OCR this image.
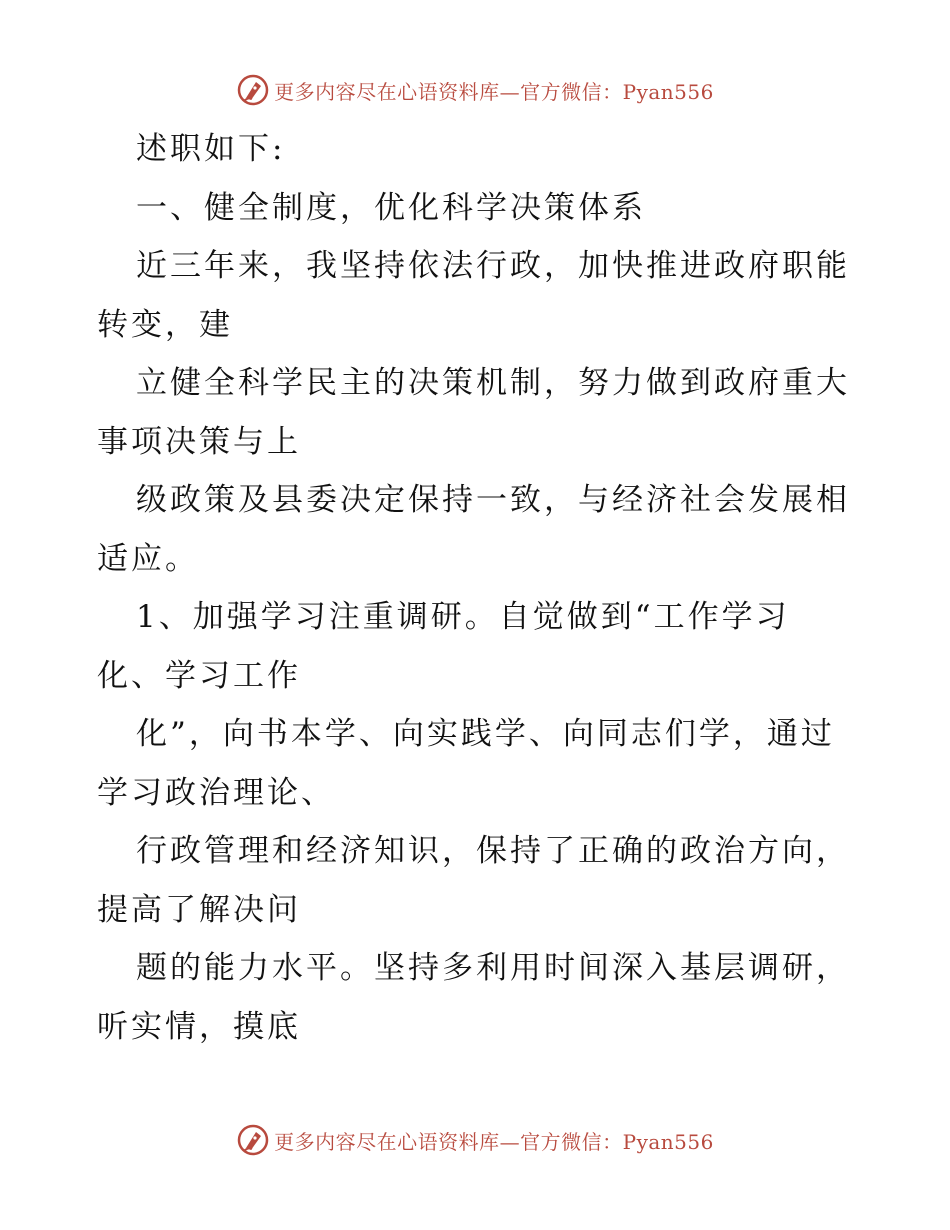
更多内容尽在心语资料库—官方微信：Pyan556
述职如下:
一、健全制度，优化科学决策体系
近三年来，我坚持依法行政，加快推进政府职能
转变，建
立健全科学民主的决策机制，努力做到政府重大
事项决策与上
级政策及县委决定保持一致，与经济社会发展相
适应。
1、加强学习注重调研。自觉做到“工作学习
化、学习工作
化”，向书本学、向实践学、向同志们学，通过
学习政治理论、
行政管理和经济知识，保持了正确的政治方向，
提高了解决问
题的能力水平。坚持多利用时间深入基层调研，
听实情，摸底
更多内容尽在心语资料库—官方微信：Pyan556
